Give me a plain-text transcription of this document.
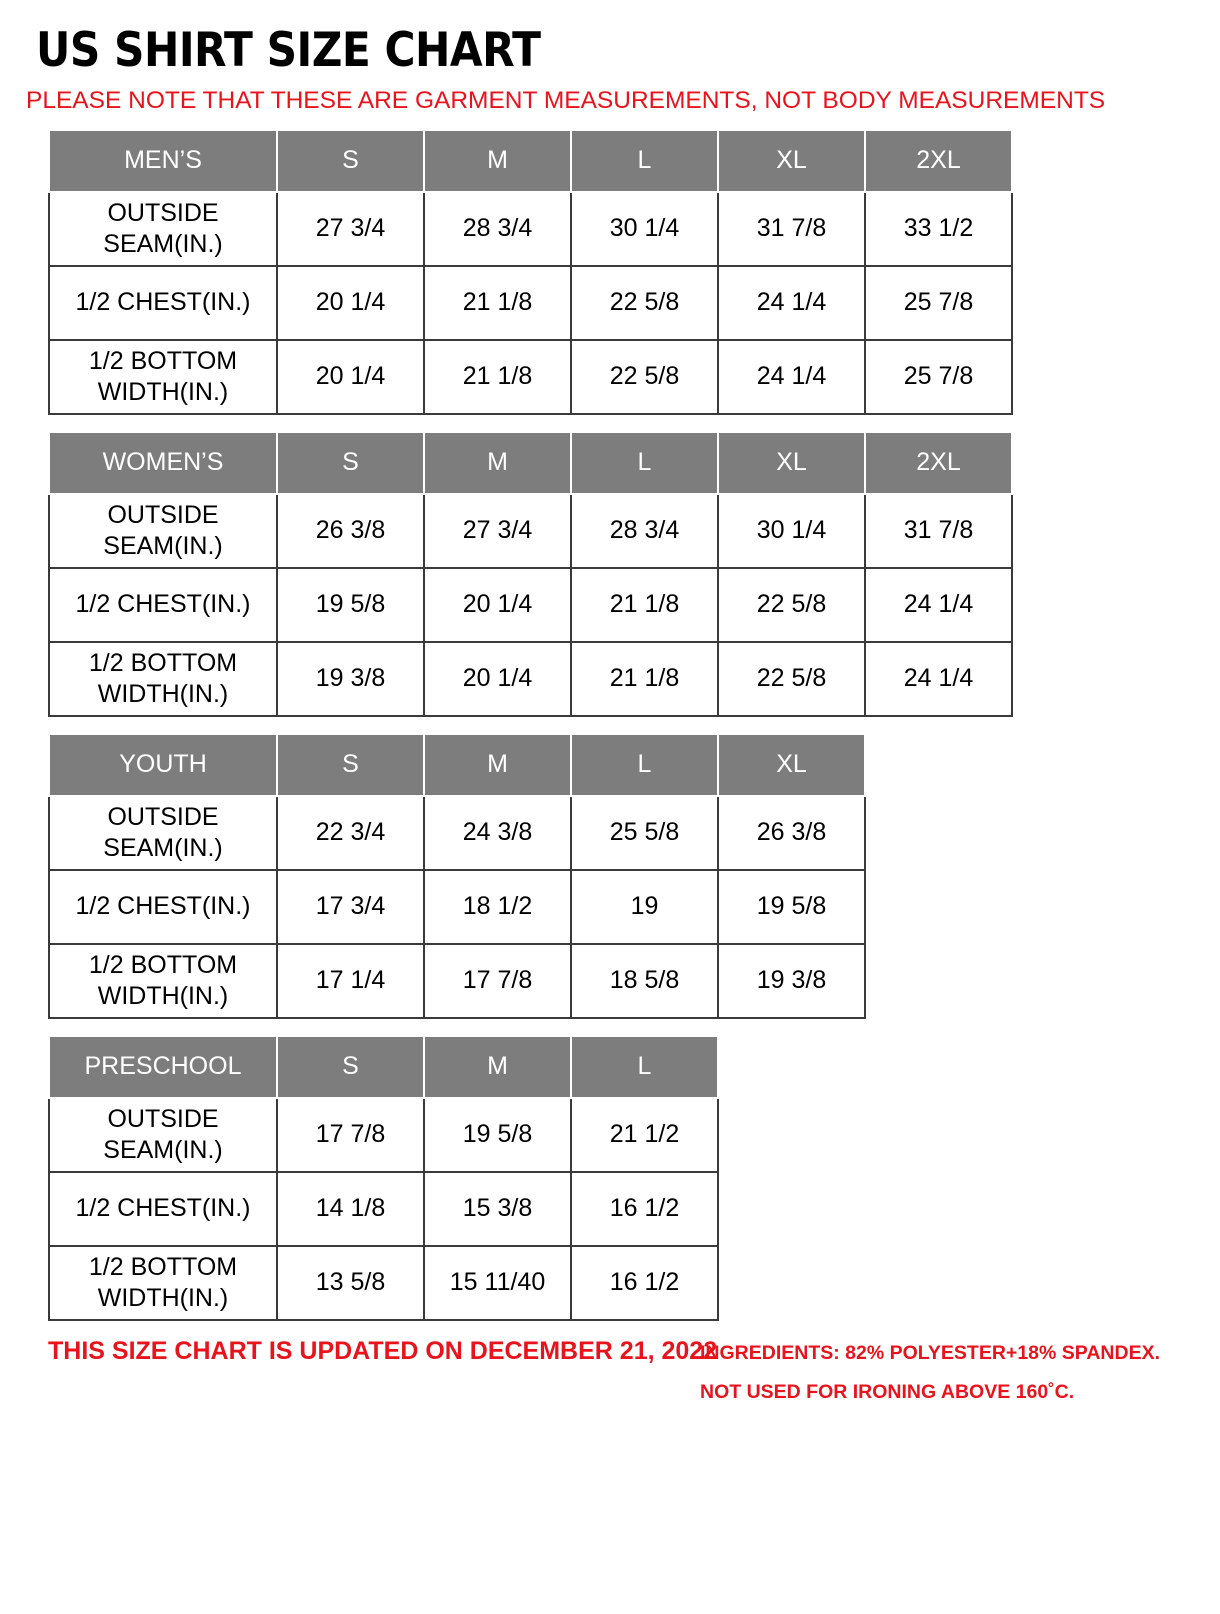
US SHIRT SIZE CHART
PLEASE NOTE THAT THESE ARE GARMENT MEASUREMENTS, NOT BODY MEASUREMENTS
MEN’S	S	M	L	XL	2XL
OUTSIDE SEAM(IN.)	27 3/4	28 3/4	30 1/4	31 7/8	33 1/2
1/2 CHEST(IN.)	20 1/4	21 1/8	22 5/8	24 1/4	25 7/8
1/2 BOTTOM WIDTH(IN.)	20 1/4	21 1/8	22 5/8	24 1/4	25 7/8
WOMEN’S	S	M	L	XL	2XL
OUTSIDE SEAM(IN.)	26 3/8	27 3/4	28 3/4	30 1/4	31 7/8
1/2 CHEST(IN.)	19 5/8	20 1/4	21 1/8	22 5/8	24 1/4
1/2 BOTTOM WIDTH(IN.)	19 3/8	20 1/4	21 1/8	22 5/8	24 1/4
YOUTH	S	M	L	XL	
OUTSIDE SEAM(IN.)	22 3/4	24 3/8	25 5/8	26 3/8	
1/2 CHEST(IN.)	17 3/4	18 1/2	19	19 5/8	
1/2 BOTTOM WIDTH(IN.)	17 1/4	17 7/8	18 5/8	19 3/8	
PRESCHOOL	S	M	L		
OUTSIDE SEAM(IN.)	17 7/8	19 5/8	21 1/2		
1/2 CHEST(IN.)	14 1/8	15 3/8	16 1/2		
1/2 BOTTOM WIDTH(IN.)	13 5/8	15 11/40	16 1/2		
THIS SIZE CHART IS UPDATED ON DECEMBER 21, 2022
INGREDIENTS: 82% POLYESTER+18% SPANDEX.
NOT USED FOR IRONING ABOVE 160˚C.
